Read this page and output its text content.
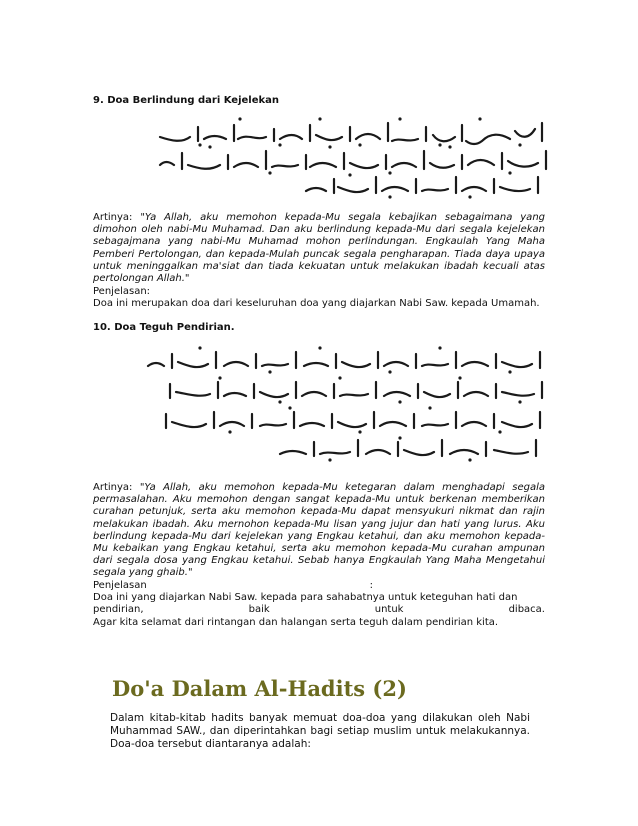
9. Doa Berlindung dari Kejelekan
Artinya: "Ya Allah, aku memohon kepada-Mu segala kebajikan sebagaimana yang dimohon oleh nabi-Mu Muhamad. Dan aku berlindung kepada-Mu dari segala kejelekan sebagajmana yang nabi-Mu Muhamad mohon perlindungan. Engkaulah Yang Maha Pemberi Pertolongan, dan kepada-Mulah puncak segala pengharapan. Tiada daya upaya untuk meninggalkan ma'siat dan tiada kekuatan untuk melakukan ibadah kecuali atas pertolongan Allah."
Penjelasan:
Doa ini merupakan doa dari keseluruhan doa yang diajarkan Nabi Saw. kepada Umamah.
10. Doa Teguh Pendirian.
Artinya: "Ya Allah, aku memohon kepada-Mu ketegaran dalam menghadapi segala permasalahan. Aku memohon dengan sangat kepada-Mu untuk berkenan memberikan curahan petunjuk, serta aku memohon kepada-Mu dapat mensyukuri nikmat dan rajin melakukan ibadah. Aku mernohon kepada-Mu lisan yang jujur dan hati yang lurus. Aku berlindung kepada-Mu dari kejelekan yang Engkau ketahui, dan aku memohon kepada-Mu kebaikan yang Engkau ketahui, serta aku memohon kepada-Mu curahan ampunan dari segala dosa yang Engkau ketahui. Sebab hanya Engkaulah Yang Maha Mengetahui segala yang ghaib."
Penjelasan	:
Doa ini yang diajarkan Nabi Saw. kepada para sahabatnya untuk keteguhan hati dan
pendirian,	baik	untuk	dibaca.
Agar kita selamat dari rintangan dan halangan serta teguh dalam pendirian kita.
Do'a Dalam Al-Hadits (2)
Dalam kitab-kitab hadits banyak memuat doa-doa yang dilakukan oleh Nabi Muhammad SAW., dan diperintahkan bagi setiap muslim untuk melakukannya. Doa-doa tersebut diantaranya adalah:
